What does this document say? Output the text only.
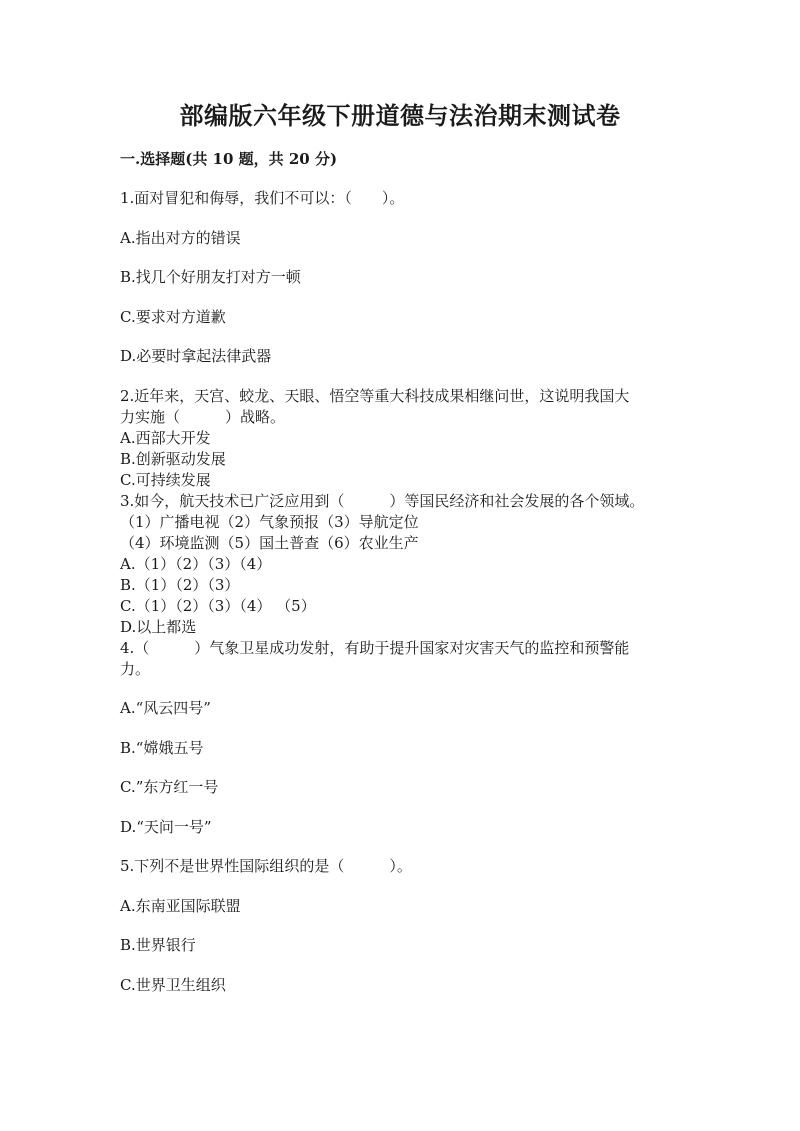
部编版六年级下册道德与法治期末测试卷
一.选择题(共 10 题，共 20 分)
1.面对冒犯和侮辱，我们不可以：（　　）。
A.指出对方的错误
B.找几个好朋友打对方一顿
C.要求对方道歉
D.必要时拿起法律武器
2.近年来，天宫、蛟龙、天眼、悟空等重大科技成果相继问世，这说明我国大
力实施（　　　）战略。
A.西部大开发
B.创新驱动发展
C.可持续发展
3.如今，航天技术已广泛应用到（　　　）等国民经济和社会发展的各个领域。
（1）广播电视（2）气象预报（3）导航定位
（4）环境监测（5）国土普查（6）农业生产
A.（1）（2）（3）（4）
B.（1）（2）（3）
C.（1）（2）（3）（4） （5）
D.以上都选
4.（　　　）气象卫星成功发射，有助于提升国家对灾害天气的监控和预警能
力。
A.“风云四号”
B.“嫦娥五号
C.”东方红一号
D.“天问一号”
5.下列不是世界性国际组织的是（　　　）。
A.东南亚国际联盟
B.世界银行
C.世界卫生组织
